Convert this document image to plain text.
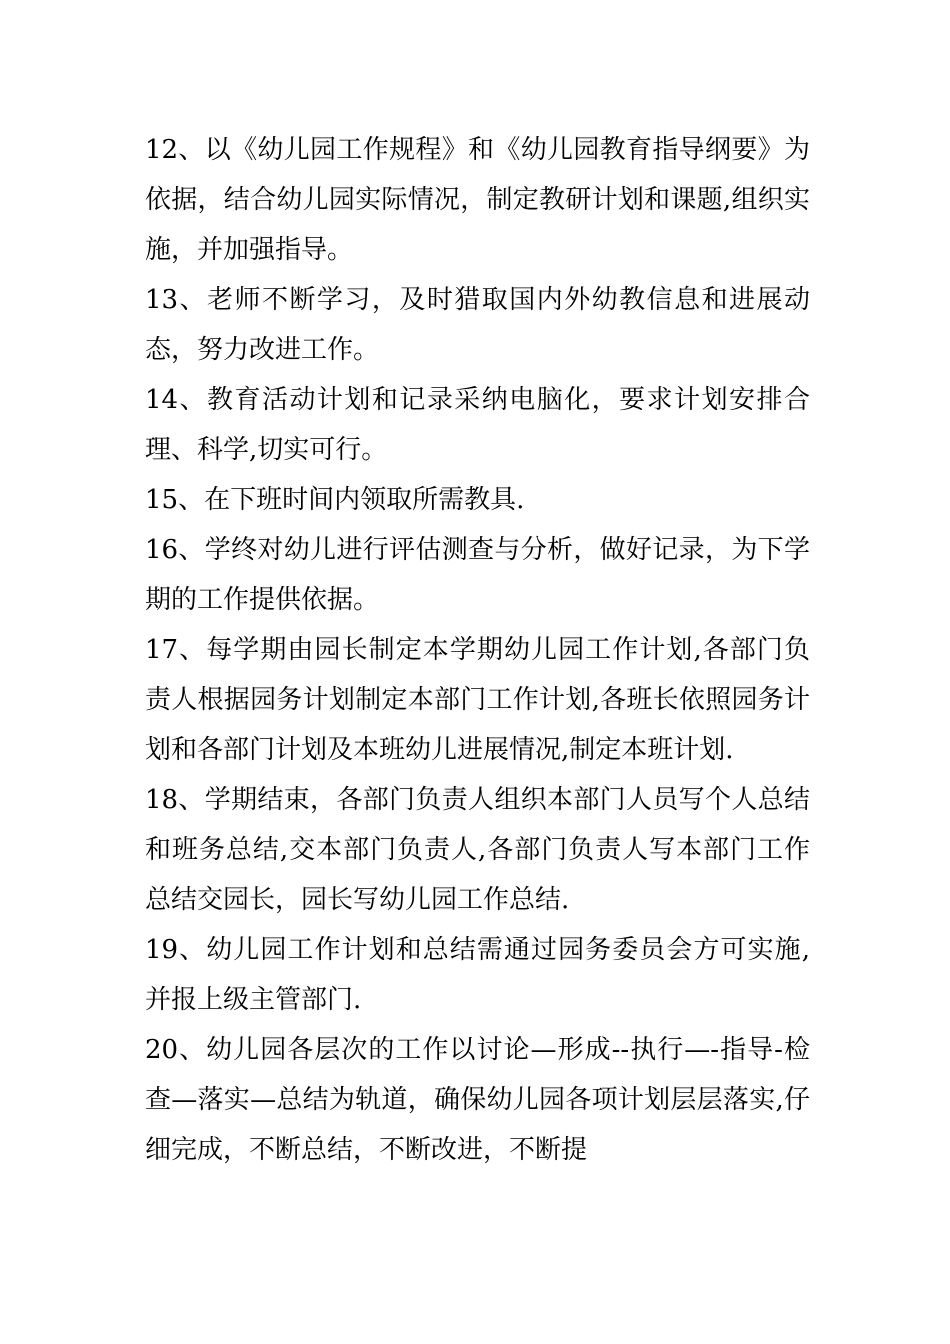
12、以《幼儿园工作规程》和《幼儿园教育指导纲要》为依据，结合幼儿园实际情况，制定教研计划和课题,组织实施，并加强指导。

13、老师不断学习，及时猎取国内外幼教信息和进展动态，努力改进工作。

14、教育活动计划和记录采纳电脑化，要求计划安排合理、科学,切实可行。

15、在下班时间内领取所需教具.

16、学终对幼儿进行评估测查与分析，做好记录，为下学期的工作提供依据。

17、每学期由园长制定本学期幼儿园工作计划,各部门负责人根据园务计划制定本部门工作计划,各班长依照园务计划和各部门计划及本班幼儿进展情况,制定本班计划.

18、学期结束，各部门负责人组织本部门人员写个人总结和班务总结,交本部门负责人,各部门负责人写本部门工作总结交园长，园长写幼儿园工作总结.

19、幼儿园工作计划和总结需通过园务委员会方可实施,并报上级主管部门.

20、幼儿园各层次的工作以讨论—形成--执行—-指导-检查—落实—总结为轨道，确保幼儿园各项计划层层落实,仔细完成，不断总结，不断改进，不断提
